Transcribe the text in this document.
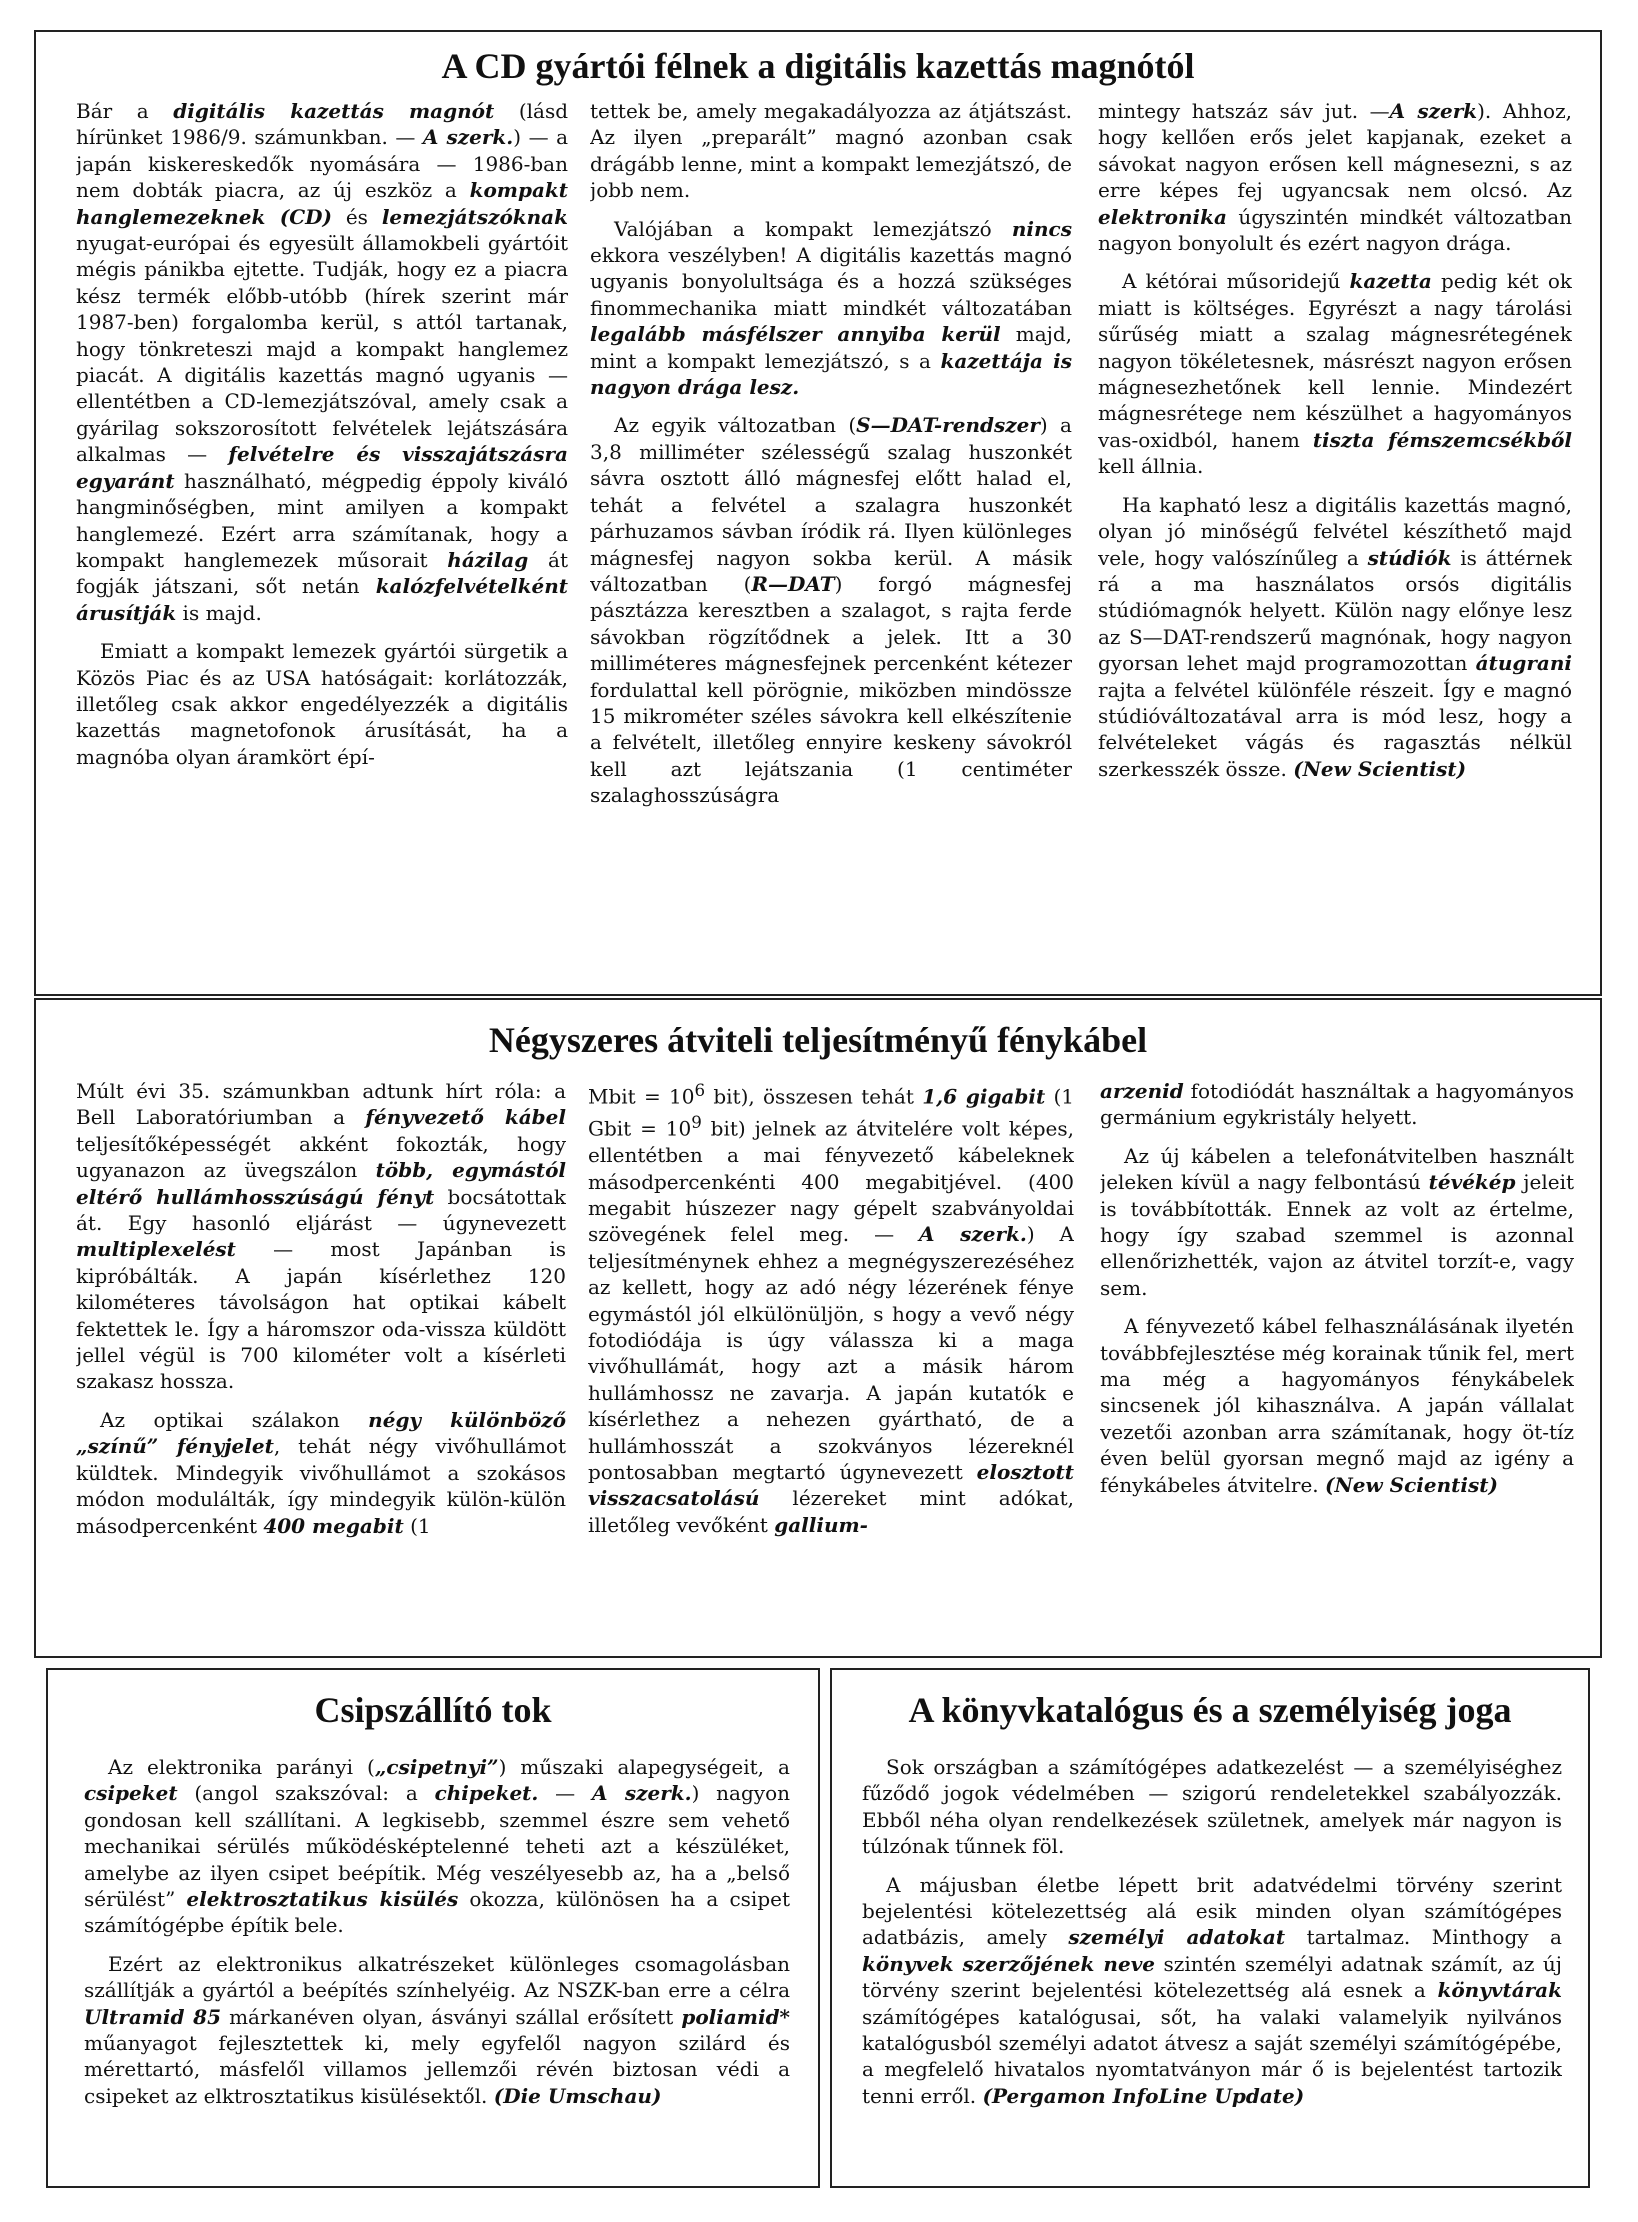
A CD gyártói félnek a digitális kazettás magnótól

Bár a digitális kazettás magnót (lásd hírünket 1986/9. számunkban. — A szerk.) — a japán kiskereskedők nyomására — 1986-ban nem dobták piacra, az új eszköz a kompakt hanglemezeknek (CD) és lemezjátszóknak nyugat-európai és egyesült államokbeli gyártóit mégis pánikba ejtette. Tudják, hogy ez a piacra kész termék előbb-utóbb (hírek szerint már 1987-ben) forgalomba kerül, s attól tartanak, hogy tönkreteszi majd a kompakt hanglemez piacát. A digitális kazettás magnó ugyanis — ellentétben a CD-lemezjátszóval, amely csak a gyárilag sokszorosított felvételek lejátszására alkalmas — felvételre és visszajátszásra egyaránt használható, mégpedig éppoly kiváló hangminőségben, mint amilyen a kompakt hanglemezé. Ezért arra számítanak, hogy a kompakt hanglemezek műsorait házilag át fogják játszani, sőt netán kalózfelvételként árusítják is majd.

Emiatt a kompakt lemezek gyártói sürgetik a Közös Piac és az USA hatóságait: korlátozzák, illetőleg csak akkor engedélyezzék a digitális kazettás magnetofonok árusítását, ha a magnóba olyan áramkört épí-

tettek be, amely megakadályozza az átjátszást. Az ilyen „preparált” magnó azonban csak drágább lenne, mint a kompakt lemezjátszó, de jobb nem.

Valójában a kompakt lemezjátszó nincs ekkora veszélyben! A digitális kazettás magnó ugyanis bonyolultsága és a hozzá szükséges finommechanika miatt mindkét változatában legalább másfélszer annyiba kerül majd, mint a kompakt lemezjátszó, s a kazettája is nagyon drága lesz.

Az egyik változatban (S—DAT-rendszer) a 3,8 milliméter szélességű szalag huszonkét sávra osztott álló mágnesfej előtt halad el, tehát a felvétel a szalagra huszonkét párhuzamos sávban íródik rá. Ilyen különleges mágnesfej nagyon sokba kerül. A másik változatban (R—DAT) forgó mágnesfej pásztázza keresztben a szalagot, s rajta ferde sávokban rögzítődnek a jelek. Itt a 30 milliméteres mágnesfejnek percenként kétezer fordulattal kell pörögnie, miközben mindössze 15 mikrométer széles sávokra kell elkészítenie a felvételt, illetőleg ennyire keskeny sávokról kell azt lejátszania (1 centiméter szalaghosszúságra

mintegy hatszáz sáv jut. —A szerk). Ahhoz, hogy kellően erős jelet kapjanak, ezeket a sávokat nagyon erősen kell mágnesezni, s az erre képes fej ugyancsak nem olcsó. Az elektronika úgyszintén mindkét változatban nagyon bonyolult és ezért nagyon drága.

A kétórai műsoridejű kazetta pedig két ok miatt is költséges. Egyrészt a nagy tárolási sűrűség miatt a szalag mágnesrétegének nagyon tökéletesnek, másrészt nagyon erősen mágnesezhetőnek kell lennie. Mindezért mágnesrétege nem készülhet a hagyományos vas-oxidból, hanem tiszta fémszemcsékből kell állnia.

Ha kapható lesz a digitális kazettás magnó, olyan jó minőségű felvétel készíthető majd vele, hogy valószínűleg a stúdiók is áttérnek rá a ma használatos orsós digitális stúdiómagnók helyett. Külön nagy előnye lesz az S—DAT-rendszerű magnónak, hogy nagyon gyorsan lehet majd programozottan átugrani rajta a felvétel különféle részeit. Így e magnó stúdióváltozatával arra is mód lesz, hogy a felvételeket vágás és ragasztás nélkül szerkesszék össze. (New Scientist)

Négyszeres átviteli teljesítményű fénykábel

Múlt évi 35. számunkban adtunk hírt róla: a Bell Laboratóriumban a fényvezető kábel teljesítőképességét akként fokozták, hogy ugyanazon az üvegszálon több, egymástól eltérő hullámhosszúságú fényt bocsátottak át. Egy hasonló eljárást — úgynevezett multiplexelést — most Japánban is kipróbálták. A japán kísérlethez 120 kilométeres távolságon hat optikai kábelt fektettek le. Így a háromszor oda-vissza küldött jellel végül is 700 kilométer volt a kísérleti szakasz hossza.

Az optikai szálakon négy különböző „színű” fényjelet, tehát négy vivőhullámot küldtek. Mindegyik vivőhullámot a szokásos módon modulálták, így mindegyik külön-külön másodpercenként 400 megabit (1

Mbit = $10^6$ bit), összesen tehát 1,6 gigabit (1 Gbit = $10^9$ bit) jelnek az átvitelére volt képes, ellentétben a mai fényvezető kábeleknek másodpercenkénti 400 megabitjével. (400 megabit húszezer nagy gépelt szabványoldai szövegének felel meg. — A szerk.) A teljesítménynek ehhez a megnégyszerezéséhez az kellett, hogy az adó négy lézerének fénye egymástól jól elkülönüljön, s hogy a vevő négy fotodiódája is úgy válassza ki a maga vivőhullámát, hogy azt a másik három hullámhossz ne zavarja. A japán kutatók e kísérlethez a nehezen gyártható, de a hullámhosszát a szokványos lézereknél pontosabban megtartó úgynevezett elosztott visszacsatolású lézereket mint adókat, illetőleg vevőként gallium-

arzenid fotodiódát használtak a hagyományos germánium egykristály helyett.

Az új kábelen a telefonátvitelben használt jeleken kívül a nagy felbontású tévékép jeleit is továbbították. Ennek az volt az értelme, hogy így szabad szemmel is azonnal ellenőrizhették, vajon az átvitel torzít-e, vagy sem.

A fényvezető kábel felhasználásának ilyetén továbbfejlesztése még korainak tűnik fel, mert ma még a hagyományos fénykábelek sincsenek jól kihasználva. A japán vállalat vezetői azonban arra számítanak, hogy öt-tíz éven belül gyorsan megnő majd az igény a fénykábeles átvitelre. (New Scientist)

Csipszállító tok

Az elektronika parányi („csipetnyi”) műszaki alapegységeit, a csipeket (angol szakszóval: a chipeket. — A szerk.) nagyon gondosan kell szállítani. A legkisebb, szemmel észre sem vehető mechanikai sérülés működésképtelenné teheti azt a készüléket, amelybe az ilyen csipet beépítik. Még veszélyesebb az, ha a „belső sérülést” elektrosztatikus kisülés okozza, különösen ha a csipet számítógépbe építik bele.

Ezért az elektronikus alkatrészeket különleges csomagolásban szállítják a gyártól a beépítés színhelyéig. Az NSZK-ban erre a célra Ultramid 85 márkanéven olyan, ásványi szállal erősített poliamid* műanyagot fejlesztettek ki, mely egyfelől nagyon szilárd és mérettartó, másfelől villamos jellemzői révén biztosan védi a csipeket az elktrosztatikus kisülésektől. (Die Umschau)

A könyvkatalógus és a személyiség joga

Sok országban a számítógépes adatkezelést — a személyiséghez fűződő jogok védelmében — szigorú rendeletekkel szabályozzák. Ebből néha olyan rendelkezések születnek, amelyek már nagyon is túlzónak tűnnek föl.

A májusban életbe lépett brit adatvédelmi törvény szerint bejelentési kötelezettség alá esik minden olyan számítógépes adatbázis, amely személyi adatokat tartalmaz. Minthogy a könyvek szerzőjének neve szintén személyi adatnak számít, az új törvény szerint bejelentési kötelezettség alá esnek a könyvtárak számítógépes katalógusai, sőt, ha valaki valamelyik nyilvános katalógusból személyi adatot átvesz a saját személyi számítógépébe, a megfelelő hivatalos nyomtatványon már ő is bejelentést tartozik tenni erről. (Pergamon InfoLine Update)
